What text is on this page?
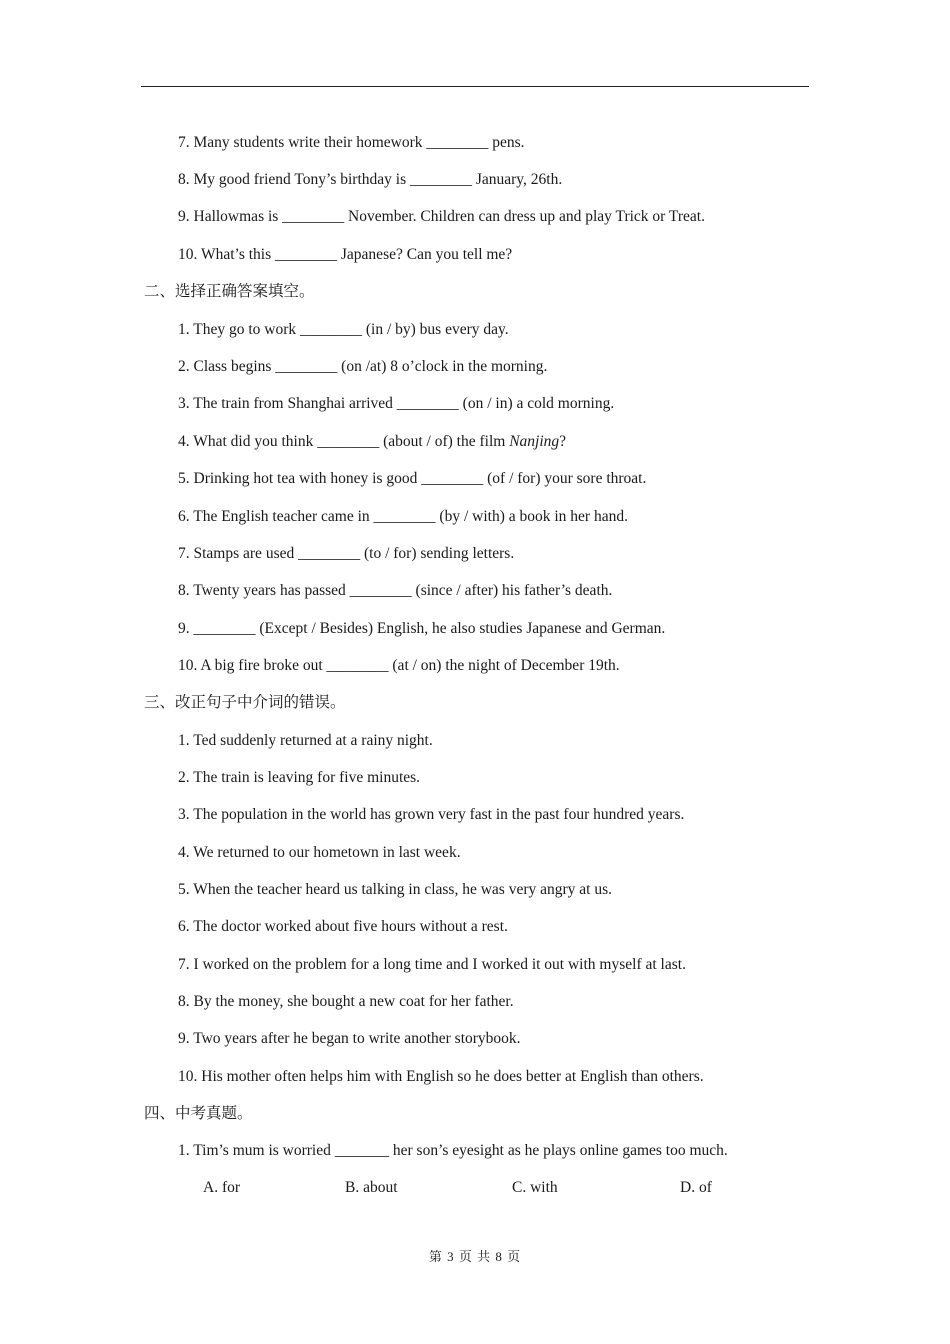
7. Many students write their homework ________ pens.
8. My good friend Tony’s birthday is ________ January, 26th.
9. Hallowmas is ________ November. Children can dress up and play Trick or Treat.
10. What’s this ________ Japanese? Can you tell me?
二、选择正确答案填空。
1. They go to work ________ (in / by) bus every day.
2. Class begins ________ (on /at) 8 o’clock in the morning.
3. The train from Shanghai arrived ________ (on / in) a cold morning.
4. What did you think ________ (about / of) the film Nanjing?
5. Drinking hot tea with honey is good ________ (of / for) your sore throat.
6. The English teacher came in ________ (by / with) a book in her hand.
7. Stamps are used ________ (to / for) sending letters.
8. Twenty years has passed ________ (since / after) his father’s death.
9. ________ (Except / Besides) English, he also studies Japanese and German.
10. A big fire broke out ________ (at / on) the night of December 19th.
三、改正句子中介词的错误。
1. Ted suddenly returned at a rainy night.
2. The train is leaving for five minutes.
3. The population in the world has grown very fast in the past four hundred years.
4. We returned to our hometown in last week.
5. When the teacher heard us talking in class, he was very angry at us.
6. The doctor worked about five hours without a rest.
7. I worked on the problem for a long time and I worked it out with myself at last.
8. By the money, she bought a new coat for her father.
9. Two years after he began to write another storybook.
10. His mother often helps him with English so he does better at English than others.
四、中考真题。
1. Tim’s mum is worried _______ her son’s eyesight as he plays online games too much.
A. for	B. about	C. with	D. of
第 3 页 共 8 页
